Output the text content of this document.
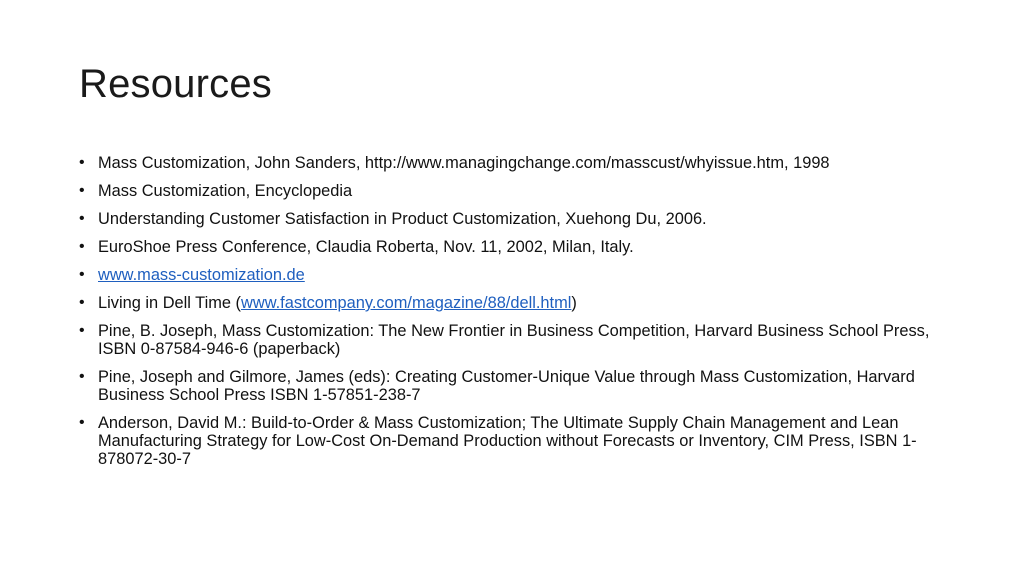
Resources
• Mass Customization, John Sanders, http://www.managingchange.com/masscust/whyissue.htm, 1998
• Mass Customization, Encyclopedia
• Understanding Customer Satisfaction in Product Customization, Xuehong Du, 2006.
• EuroShoe Press Conference, Claudia Roberta, Nov. 11, 2002, Milan, Italy.
• www.mass-customization.de
• Living in Dell Time (www.fastcompany.com/magazine/88/dell.html)
• Pine, B. Joseph, Mass Customization: The New Frontier in Business Competition, Harvard Business School Press, ISBN 0-87584-946-6 (paperback)
• Pine, Joseph and Gilmore, James (eds): Creating Customer-Unique Value through Mass Customization, Harvard Business School Press ISBN 1-57851-238-7
• Anderson, David M.: Build-to-Order & Mass Customization; The Ultimate Supply Chain Management and Lean Manufacturing Strategy for Low-Cost On-Demand Production without Forecasts or Inventory, CIM Press, ISBN 1-878072-30-7
